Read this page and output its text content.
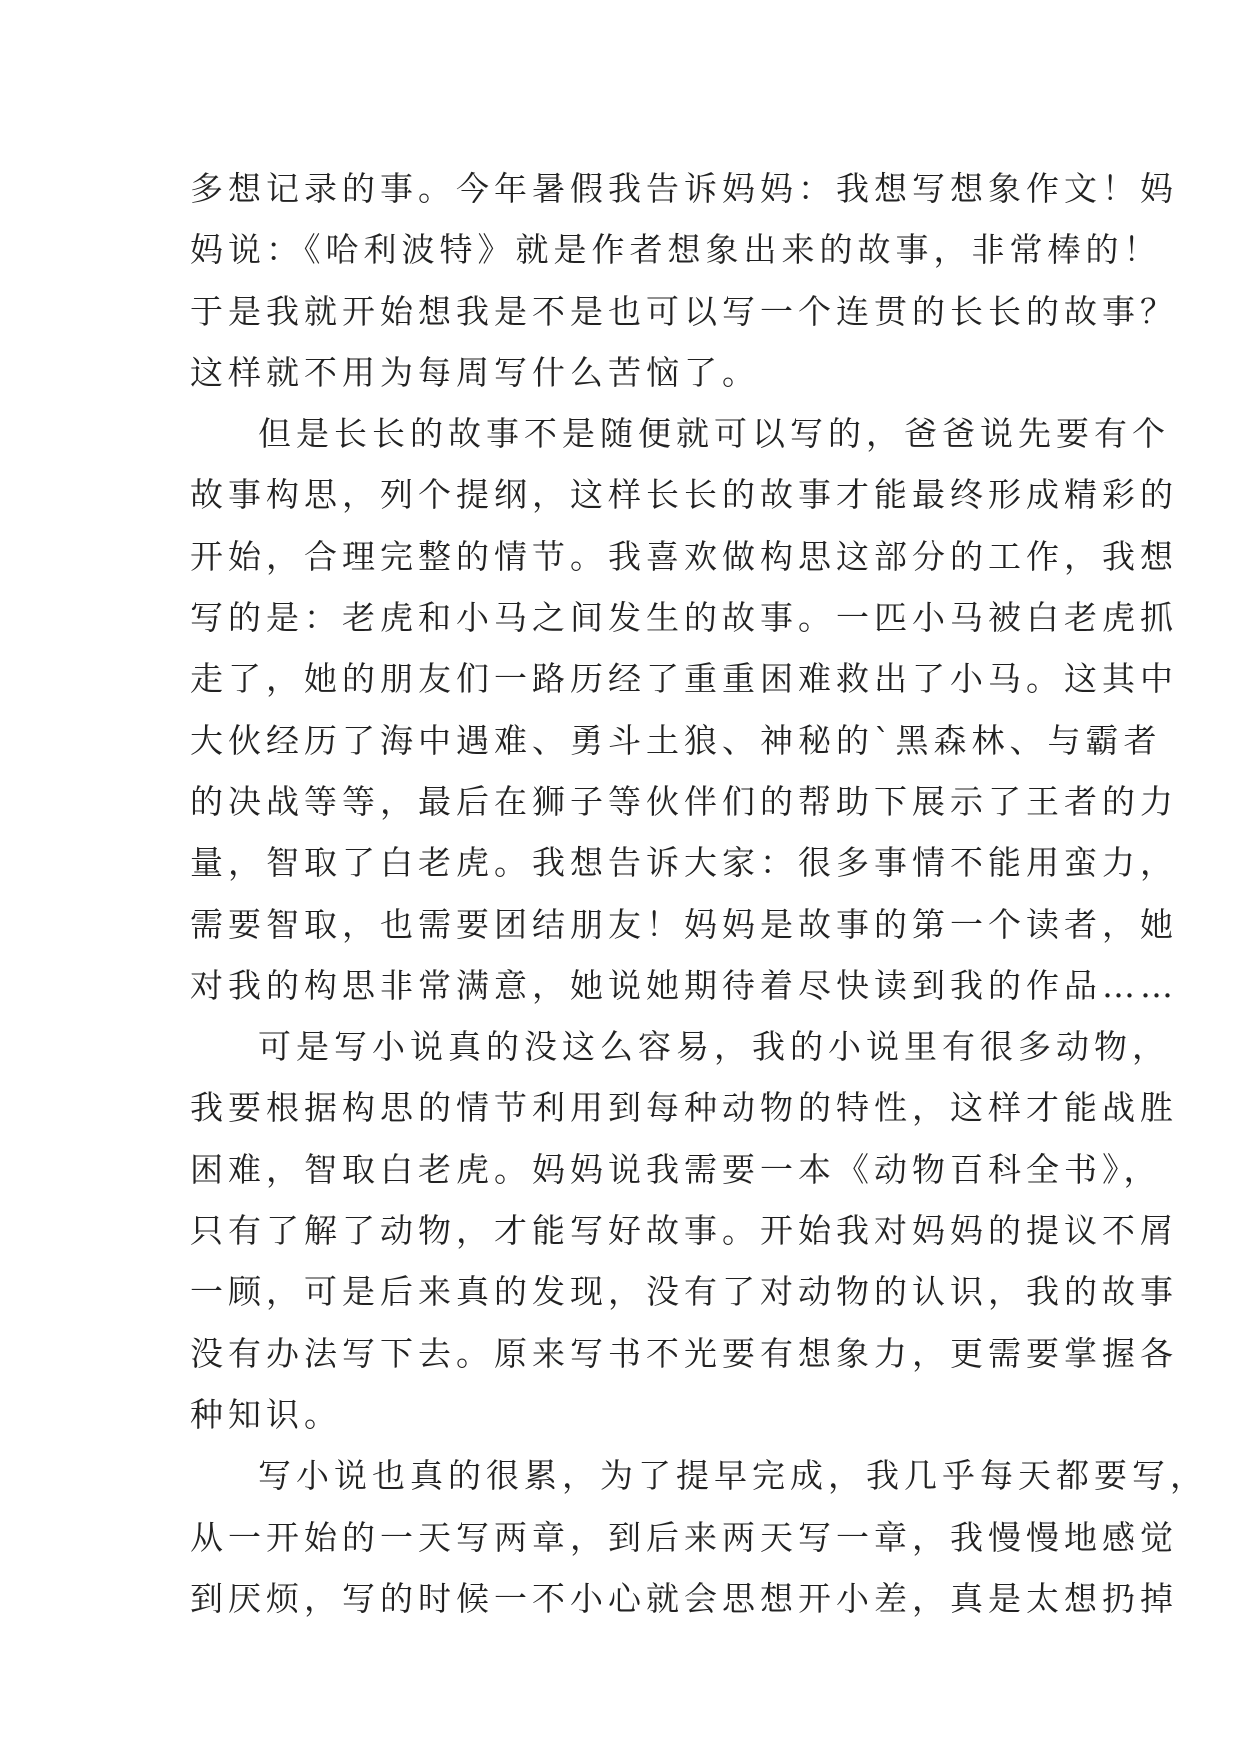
多想记录的事。今年暑假我告诉妈妈：我想写想象作文！妈
妈说：《哈利波特》就是作者想象出来的故事，非常棒的！
于是我就开始想我是不是也可以写一个连贯的长长的故事？
这样就不用为每周写什么苦恼了。
但是长长的故事不是随便就可以写的，爸爸说先要有个
故事构思，列个提纲，这样长长的故事才能最终形成精彩的
开始，合理完整的情节。我喜欢做构思这部分的工作，我想
写的是：老虎和小马之间发生的故事。一匹小马被白老虎抓
走了，她的朋友们一路历经了重重困难救出了小马。这其中
大伙经历了海中遇难、勇斗土狼、神秘的`黑森林、与霸者
的决战等等，最后在狮子等伙伴们的帮助下展示了王者的力
量，智取了白老虎。我想告诉大家：很多事情不能用蛮力，
需要智取，也需要团结朋友！妈妈是故事的第一个读者，她
对我的构思非常满意，她说她期待着尽快读到我的作品……
可是写小说真的没这么容易，我的小说里有很多动物，
我要根据构思的情节利用到每种动物的特性，这样才能战胜
困难，智取白老虎。妈妈说我需要一本《动物百科全书》，
只有了解了动物，才能写好故事。开始我对妈妈的提议不屑
一顾，可是后来真的发现，没有了对动物的认识，我的故事
没有办法写下去。原来写书不光要有想象力，更需要掌握各
种知识。
写小说也真的很累，为了提早完成，我几乎每天都要写，
从一开始的一天写两章，到后来两天写一章，我慢慢地感觉
到厌烦，写的时候一不小心就会思想开小差，真是太想扔掉
